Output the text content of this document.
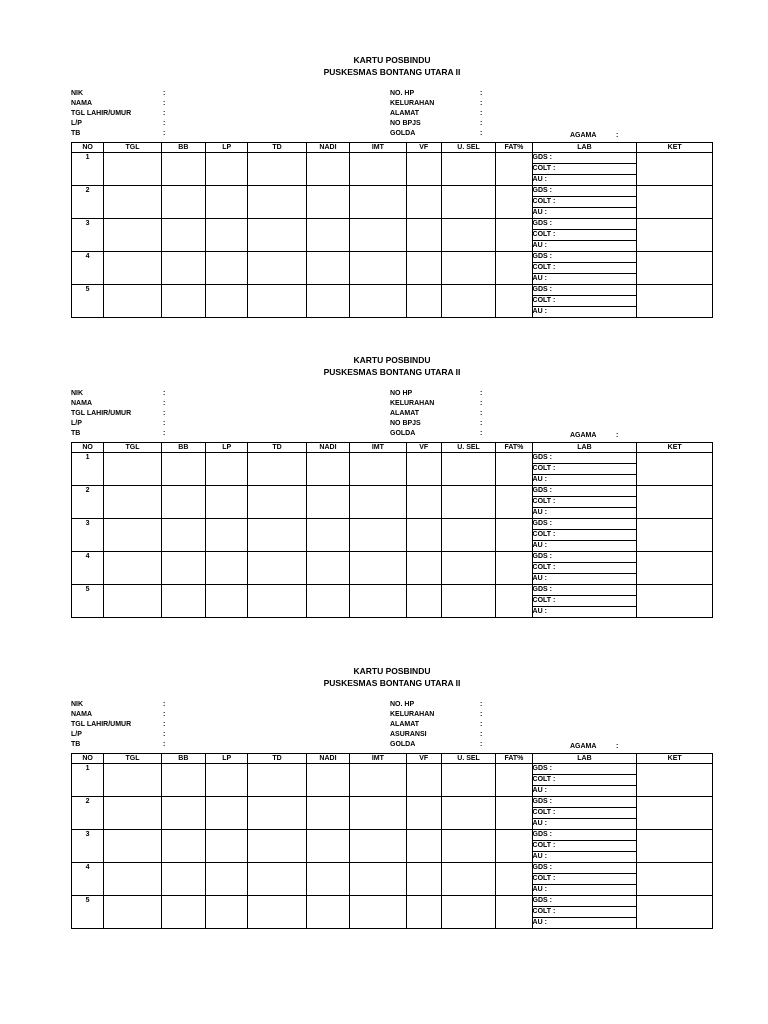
KARTU POSBINDU
PUSKESMAS BONTANG UTARA II
NIK	:
NAMA	:
TGL LAHIR/UMUR	:
L/P	:
TB	:
NO. HP	:
KELURAHAN	:
ALAMAT	:
NO BPJS	:
GOLDA	:	AGAMA	:
NO	TGL	BB	LP	TD	NADI	IMT	VF	U. SEL	FAT%	LAB	KET
1										GDS :	
										COLT :	
										AU :	
2										GDS :	
										COLT :	
										AU :	
3										GDS :	
										COLT :	
										AU :	
4										GDS :	
										COLT :	
										AU :	
5										GDS :	
										COLT :	
										AU :	
KARTU POSBINDU
PUSKESMAS BONTANG UTARA II
NIK	:
NAMA	:
TGL LAHIR/UMUR	:
L/P	:
TB	:
NO HP	:
KELURAHAN	:
ALAMAT	:
NO BPJS	:
GOLDA	:	AGAMA	:
NO	TGL	BB	LP	TD	NADI	IMT	VF	U. SEL	FAT%	LAB	KET
1										GDS :	
										COLT :	
										AU :	
2										GDS :	
										COLT :	
										AU :	
3										GDS :	
										COLT :	
										AU :	
4										GDS :	
										COLT :	
										AU :	
5										GDS :	
										COLT :	
										AU :	
KARTU POSBINDU
PUSKESMAS BONTANG UTARA II
NIK	:
NAMA	:
TGL LAHIR/UMUR	:
L/P	:
TB	:
NO. HP	:
KELURAHAN	:
ALAMAT	:
ASURANSI	:
GOLDA	:	AGAMA	:
NO	TGL	BB	LP	TD	NADI	IMT	VF	U. SEL	FAT%	LAB	KET
1										GDS :	
										COLT :	
										AU :	
2										GDS :	
										COLT :	
										AU :	
3										GDS :	
										COLT :	
										AU :	
4										GDS :	
										COLT :	
										AU :	
5										GDS :	
										COLT :	
										AU :	
